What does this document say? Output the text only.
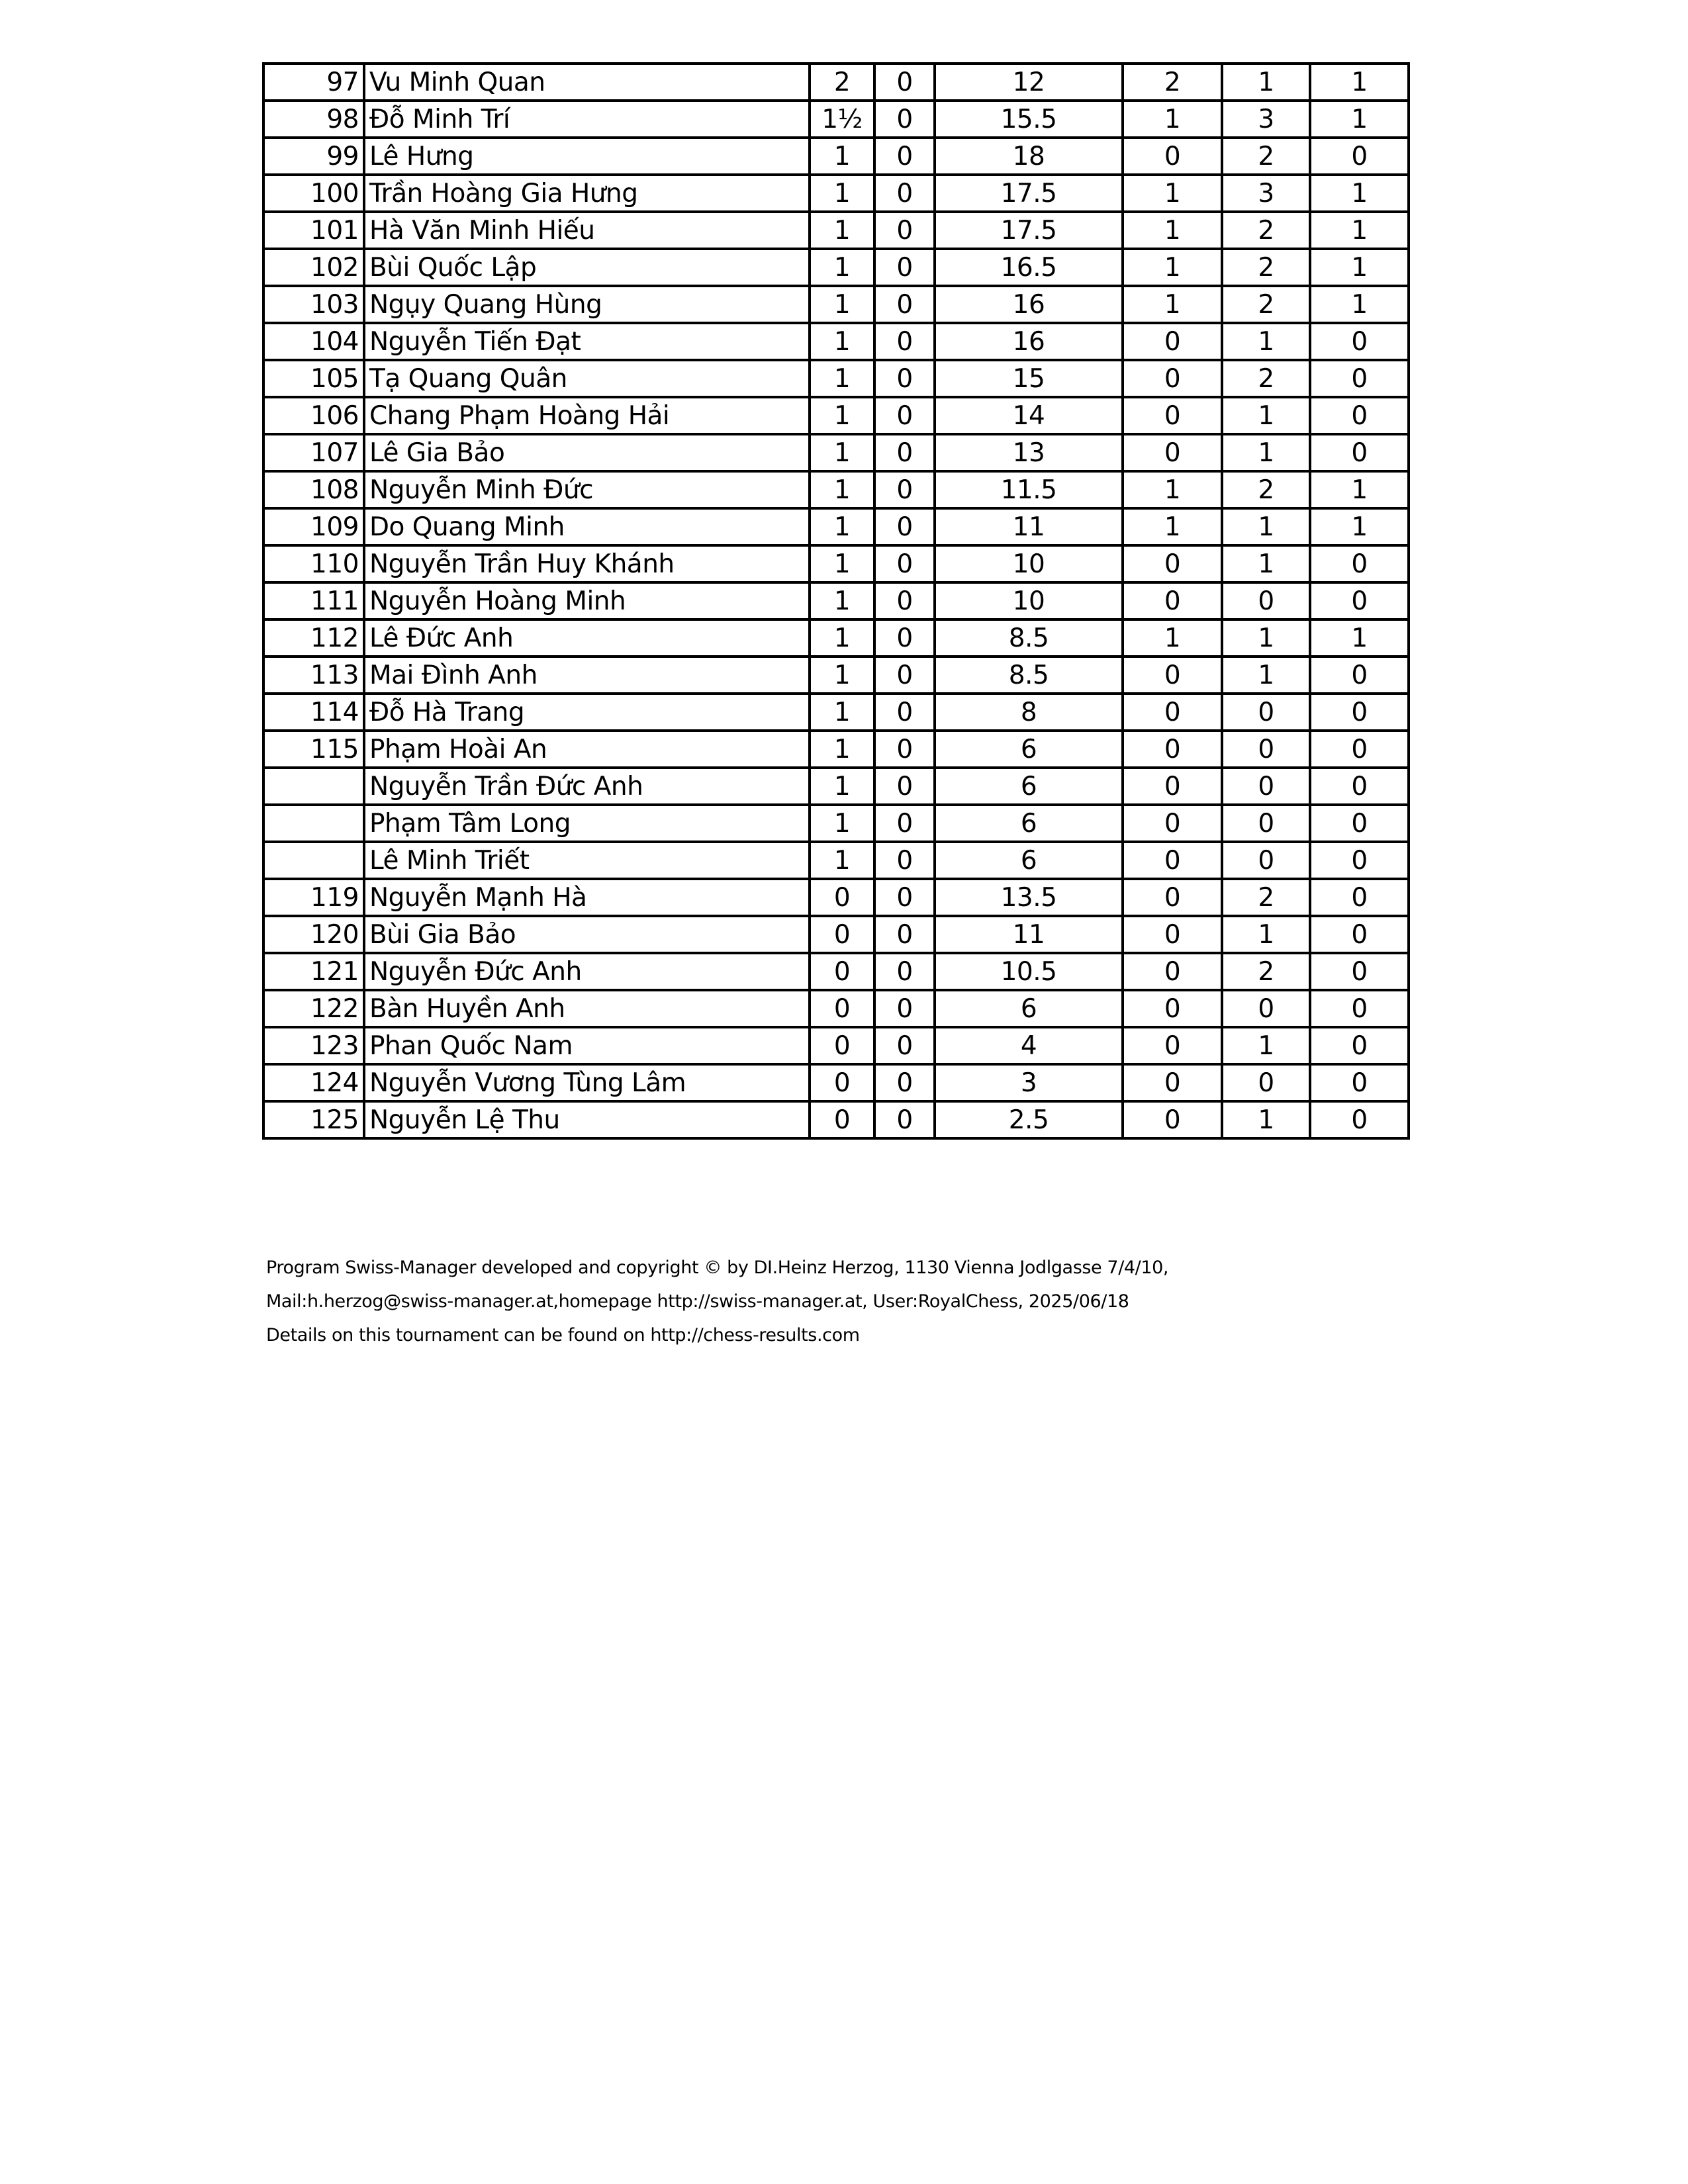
97	Vu Minh Quan	2	0	12	2	1	1
98	Đỗ Minh Trí	1½	0	15.5	1	3	1
99	Lê Hưng	1	0	18	0	2	0
100	Trần Hoàng Gia Hưng	1	0	17.5	1	3	1
101	Hà Văn Minh Hiếu	1	0	17.5	1	2	1
102	Bùi Quốc Lập	1	0	16.5	1	2	1
103	Ngụy Quang Hùng	1	0	16	1	2	1
104	Nguyễn Tiến Đạt	1	0	16	0	1	0
105	Tạ Quang Quân	1	0	15	0	2	0
106	Chang Phạm Hoàng Hải	1	0	14	0	1	0
107	Lê Gia Bảo	1	0	13	0	1	0
108	Nguyễn Minh Đức	1	0	11.5	1	2	1
109	Do Quang Minh	1	0	11	1	1	1
110	Nguyễn Trần Huy Khánh	1	0	10	0	1	0
111	Nguyễn Hoàng Minh	1	0	10	0	0	0
112	Lê Đức Anh	1	0	8.5	1	1	1
113	Mai Đình Anh	1	0	8.5	0	1	0
114	Đỗ Hà Trang	1	0	8	0	0	0
115	Phạm Hoài An	1	0	6	0	0	0
	Nguyễn Trần Đức Anh	1	0	6	0	0	0
	Phạm Tâm Long	1	0	6	0	0	0
	Lê Minh Triết	1	0	6	0	0	0
119	Nguyễn Mạnh Hà	0	0	13.5	0	2	0
120	Bùi Gia Bảo	0	0	11	0	1	0
121	Nguyễn Đức Anh	0	0	10.5	0	2	0
122	Bàn Huyền Anh	0	0	6	0	0	0
123	Phan Quốc Nam	0	0	4	0	1	0
124	Nguyễn Vương Tùng Lâm	0	0	3	0	0	0
125	Nguyễn Lệ Thu	0	0	2.5	0	1	0
Program Swiss-Manager developed and copyright © by DI.Heinz Herzog, 1130 Vienna Jodlgasse 7/4/10,
Mail:h.herzog@swiss-manager.at,homepage http://swiss-manager.at, User:RoyalChess, 2025/06/18
Details on this tournament can be found on http://chess-results.com
